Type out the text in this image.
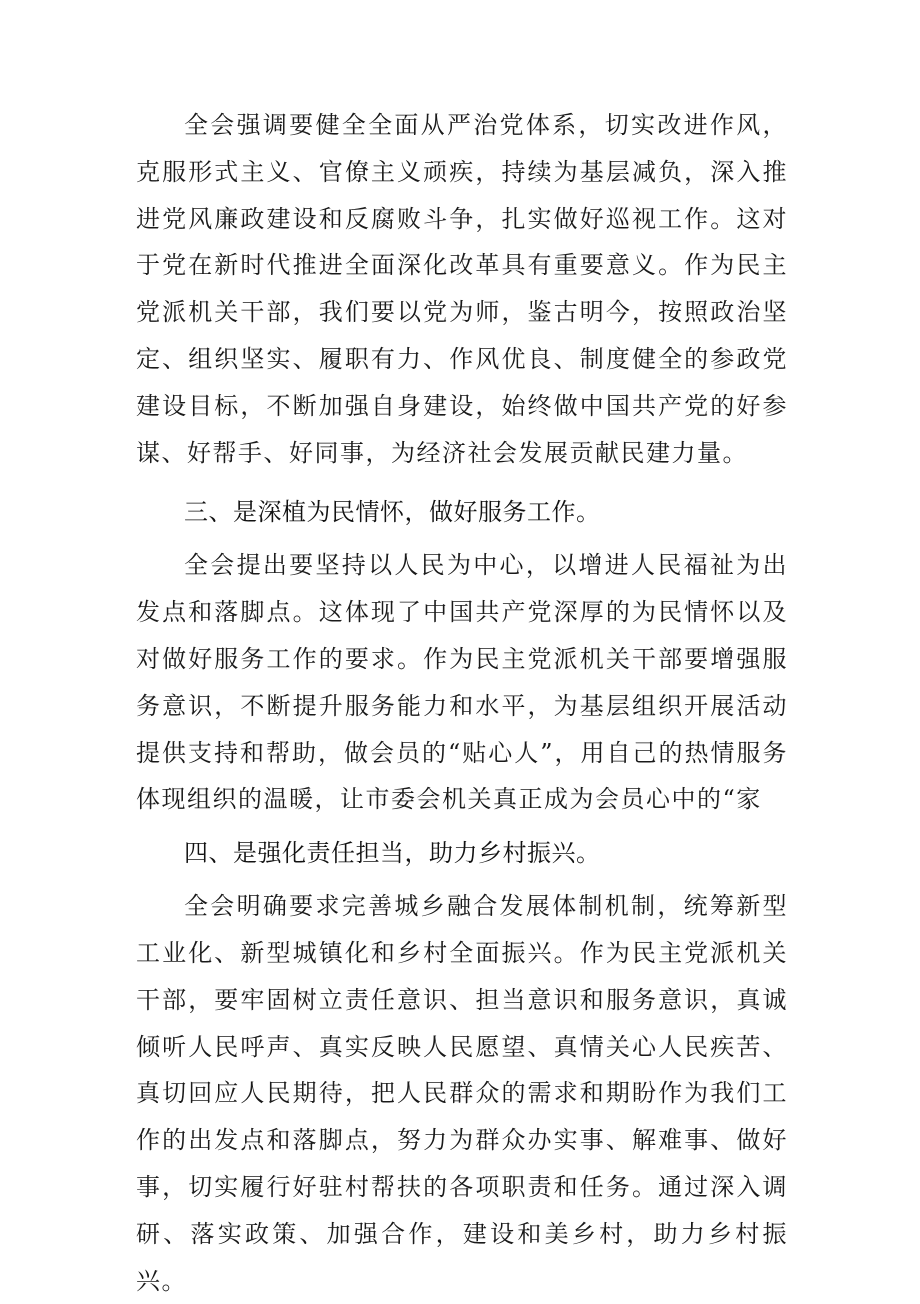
全会强调要健全全面从严治党体系，切实改进作风，克服形式主义、官僚主义顽疾，持续为基层减负，深入推进党风廉政建设和反腐败斗争，扎实做好巡视工作。这对于党在新时代推进全面深化改革具有重要意义。作为民主党派机关干部，我们要以党为师，鉴古明今，按照政治坚定、组织坚实、履职有力、作风优良、制度健全的参政党建设目标，不断加强自身建设，始终做中国共产党的好参谋、好帮手、好同事，为经济社会发展贡献民建力量。

三、是深植为民情怀，做好服务工作。

全会提出要坚持以人民为中心，以增进人民福祉为出发点和落脚点。这体现了中国共产党深厚的为民情怀以及对做好服务工作的要求。作为民主党派机关干部要增强服务意识，不断提升服务能力和水平，为基层组织开展活动提供支持和帮助，做会员的“贴心人”，用自己的热情服务体现组织的温暖，让市委会机关真正成为会员心中的“家

四、是强化责任担当，助力乡村振兴。

全会明确要求完善城乡融合发展体制机制，统筹新型工业化、新型城镇化和乡村全面振兴。作为民主党派机关干部，要牢固树立责任意识、担当意识和服务意识，真诚倾听人民呼声、真实反映人民愿望、真情关心人民疾苦、真切回应人民期待，把人民群众的需求和期盼作为我们工作的出发点和落脚点，努力为群众办实事、解难事、做好事，切实履行好驻村帮扶的各项职责和任务。通过深入调研、落实政策、加强合作，建设和美乡村，助力乡村振兴。
